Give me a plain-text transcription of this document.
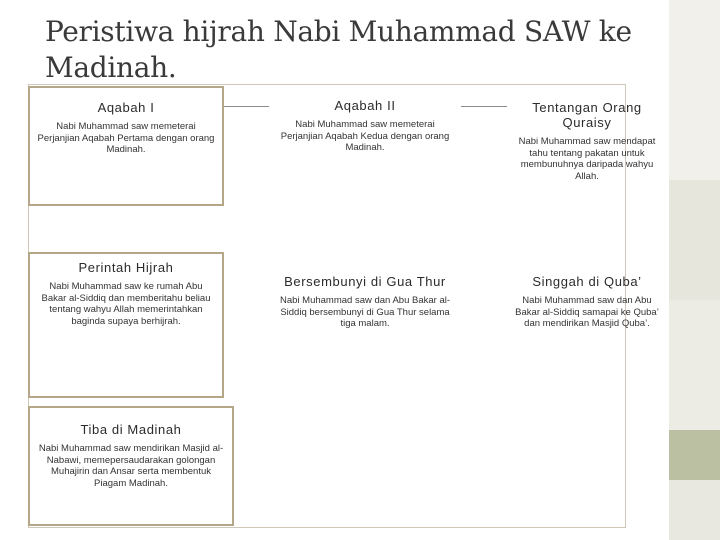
Peristiwa hijrah Nabi Muhammad SAW ke Madinah.
Aqabah I
Nabi Muhammad saw memeterai Perjanjian Aqabah Pertama dengan orang Madinah.
Aqabah II
Nabi Muhammad saw memeterai Perjanjian Aqabah Kedua dengan orang Madinah.
Tentangan Orang Quraisy
Nabi Muhammad saw mendapat tahu tentang pakatan untuk membunuhnya daripada wahyu Allah.
Perintah Hijrah
Nabi Muhammad saw ke rumah Abu Bakar al-Siddiq dan memberitahu beliau tentang wahyu Allah memerintahkan baginda supaya berhijrah.
Bersembunyi di Gua Thur
Nabi Muhammad saw dan Abu Bakar al-Siddiq bersembunyi di Gua Thur selama tiga malam.
Singgah di Quba’
Nabi Muhammad saw dan Abu Bakar al-Siddiq samapai ke Quba’ dan mendirikan Masjid Quba’.
Tiba di Madinah
Nabi Muhammad saw mendirikan Masjid al-Nabawi, memepersaudarakan golongan Muhajirin dan Ansar serta membentuk Piagam Madinah.
